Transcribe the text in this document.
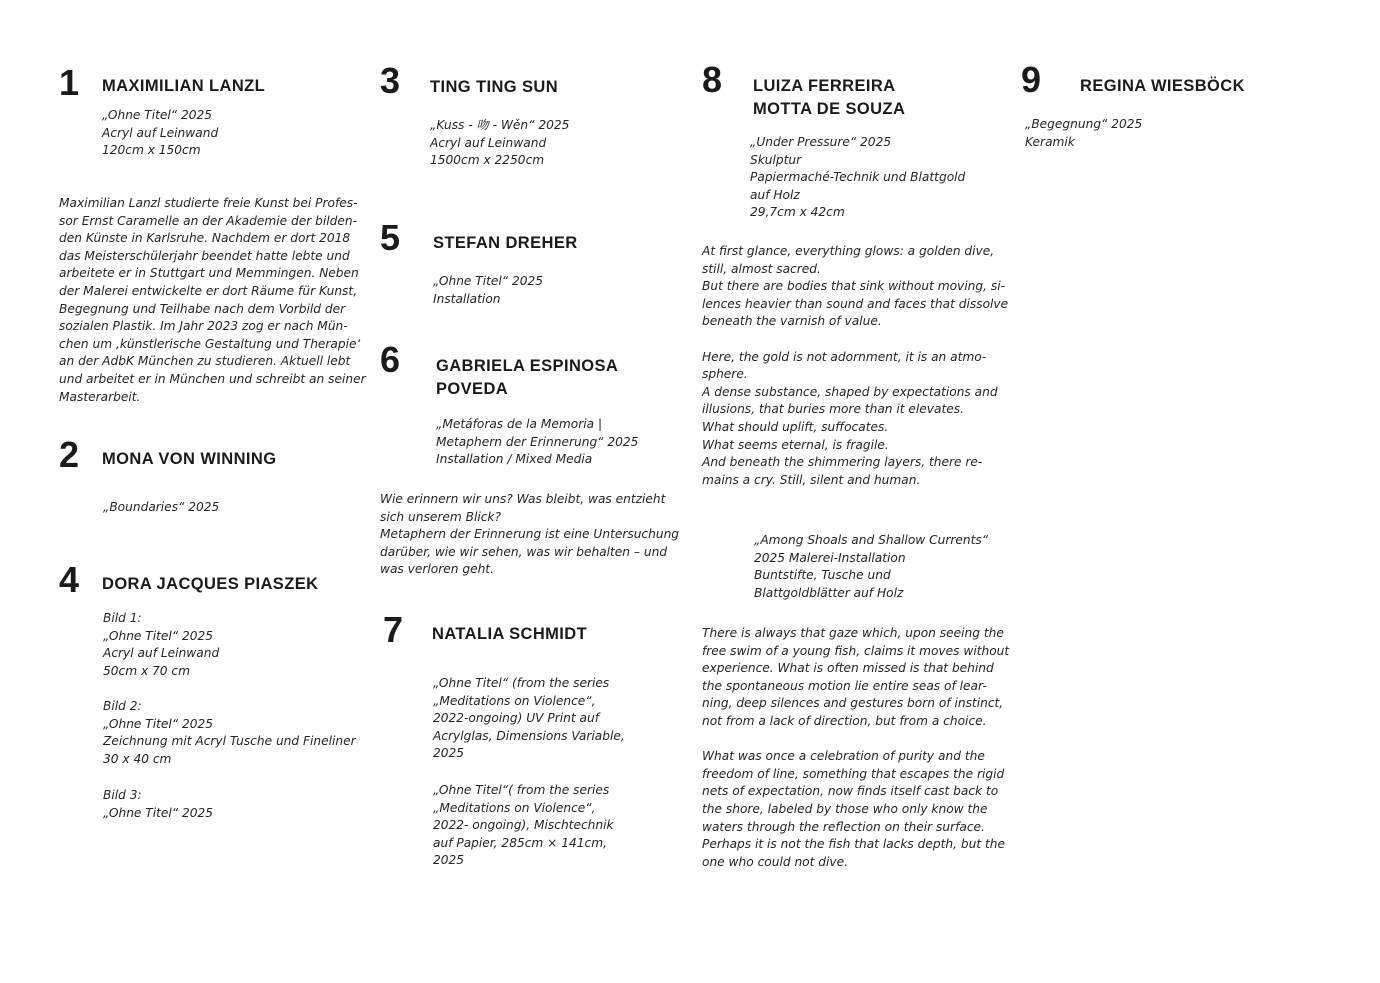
1 MAXIMILIAN LANZL
„Ohne Titel“ 2025
Acryl auf Leinwand
120cm x 150cm
Maximilian Lanzl studierte freie Kunst bei Profes-
sor Ernst Caramelle an der Akademie der bilden-
den Künste in Karlsruhe. Nachdem er dort 2018
das Meisterschülerjahr beendet hatte lebte und
arbeitete er in Stuttgart und Memmingen. Neben
der Malerei entwickelte er dort Räume für Kunst,
Begegnung und Teilhabe nach dem Vorbild der
sozialen Plastik. Im Jahr 2023 zog er nach Mün-
chen um ‚künstlerische Gestaltung und Therapie‘
an der AdbK München zu studieren. Aktuell lebt
und arbeitet er in München und schreibt an seiner
Masterarbeit.
2 MONA VON WINNING
„Boundaries“ 2025
4 DORA JACQUES PIASZEK
Bild 1:
„Ohne Titel“ 2025
Acryl auf Leinwand
50cm x 70 cm
Bild 2:
„Ohne Titel“ 2025
Zeichnung mit Acryl Tusche und Fineliner
30 x 40 cm
Bild 3:
„Ohne Titel“ 2025
3 TING TING SUN
„Kuss - 吻 - Wěn“ 2025
Acryl auf Leinwand
1500cm x 2250cm
5 STEFAN DREHER
„Ohne Titel“ 2025
Installation
6 GABRIELA ESPINOSA
POVEDA
„Metáforas de la Memoria |
Metaphern der Erinnerung“ 2025
Installation / Mixed Media
Wie erinnern wir uns? Was bleibt, was entzieht
sich unserem Blick?
Metaphern der Erinnerung ist eine Untersuchung
darüber, wie wir sehen, was wir behalten – und
was verloren geht.
7 NATALIA SCHMIDT
„Ohne Titel“ (from the series
„Meditations on Violence“,
2022-ongoing) UV Print auf
Acrylglas, Dimensions Variable,
2025
„Ohne Titel“( from the series
„Meditations on Violence“,
2022- ongoing), Mischtechnik
auf Papier, 285cm × 141cm,
2025
8 LUIZA FERREIRA
MOTTA DE SOUZA
„Under Pressure“ 2025
Skulptur
Papiermaché-Technik und Blattgold
auf Holz
29,7cm x 42cm
At first glance, everything glows: a golden dive,
still, almost sacred.
But there are bodies that sink without moving, si-
lences heavier than sound and faces that dissolve
beneath the varnish of value.

Here, the gold is not adornment, it is an atmo-
sphere.
A dense substance, shaped by expectations and
illusions, that buries more than it elevates.
What should uplift, suffocates.
What seems eternal, is fragile.
And beneath the shimmering layers, there re-
mains a cry. Still, silent and human.
„Among Shoals and Shallow Currents“
2025 Malerei-Installation
Buntstifte, Tusche und
Blattgoldblätter auf Holz
There is always that gaze which, upon seeing the
free swim of a young fish, claims it moves without
experience. What is often missed is that behind
the spontaneous motion lie entire seas of lear-
ning, deep silences and gestures born of instinct,
not from a lack of direction, but from a choice.

What was once a celebration of purity and the
freedom of line, something that escapes the rigid
nets of expectation, now finds itself cast back to
the shore, labeled by those who only know the
waters through the reflection on their surface.
Perhaps it is not the fish that lacks depth, but the
one who could not dive.
9 REGINA WIESBÖCK
„Begegnung“ 2025
Keramik
